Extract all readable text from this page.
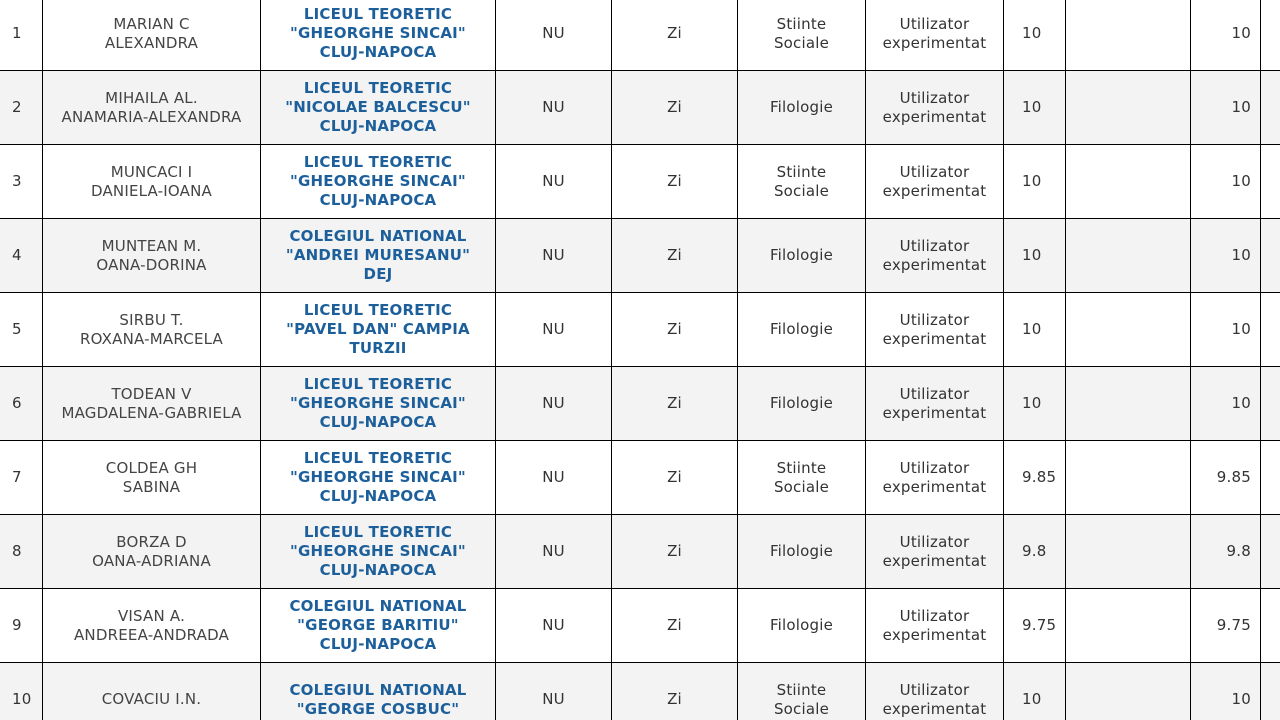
1	MARIAN C
ALEXANDRA	LICEUL TEORETIC
"GHEORGHE SINCAI"
CLUJ-NAPOCA	NU	Zi	Stiinte
Sociale	Utilizator
experimentat	10		10	

2	MIHAILA AL.
ANAMARIA-ALEXANDRA	LICEUL TEORETIC
"NICOLAE BALCESCU"
CLUJ-NAPOCA	NU	Zi	Filologie	Utilizator
experimentat	10		10	

3	MUNCACI I
DANIELA-IOANA	LICEUL TEORETIC
"GHEORGHE SINCAI"
CLUJ-NAPOCA	NU	Zi	Stiinte
Sociale	Utilizator
experimentat	10		10	

4	MUNTEAN M.
OANA-DORINA	COLEGIUL NATIONAL
"ANDREI MURESANU"
DEJ	NU	Zi	Filologie	Utilizator
experimentat	10		10	

5	SIRBU T.
ROXANA-MARCELA	LICEUL TEORETIC
"PAVEL DAN" CAMPIA
TURZII	NU	Zi	Filologie	Utilizator
experimentat	10		10	

6	TODEAN V
MAGDALENA-GABRIELA	LICEUL TEORETIC
"GHEORGHE SINCAI"
CLUJ-NAPOCA	NU	Zi	Filologie	Utilizator
experimentat	10		10	

7	COLDEA GH
SABINA	LICEUL TEORETIC
"GHEORGHE SINCAI"
CLUJ-NAPOCA	NU	Zi	Stiinte
Sociale	Utilizator
experimentat	9.85		9.85	

8	BORZA D
OANA-ADRIANA	LICEUL TEORETIC
"GHEORGHE SINCAI"
CLUJ-NAPOCA	NU	Zi	Filologie	Utilizator
experimentat	9.8		9.8	

9	VISAN A.
ANDREEA-ANDRADA	COLEGIUL NATIONAL
"GEORGE BARITIU"
CLUJ-NAPOCA	NU	Zi	Filologie	Utilizator
experimentat	9.75		9.75	

10	COVACIU I.N.	COLEGIUL NATIONAL
"GEORGE COSBUC"	NU	Zi	Stiinte
Sociale	Utilizator
experimentat	10		10	
